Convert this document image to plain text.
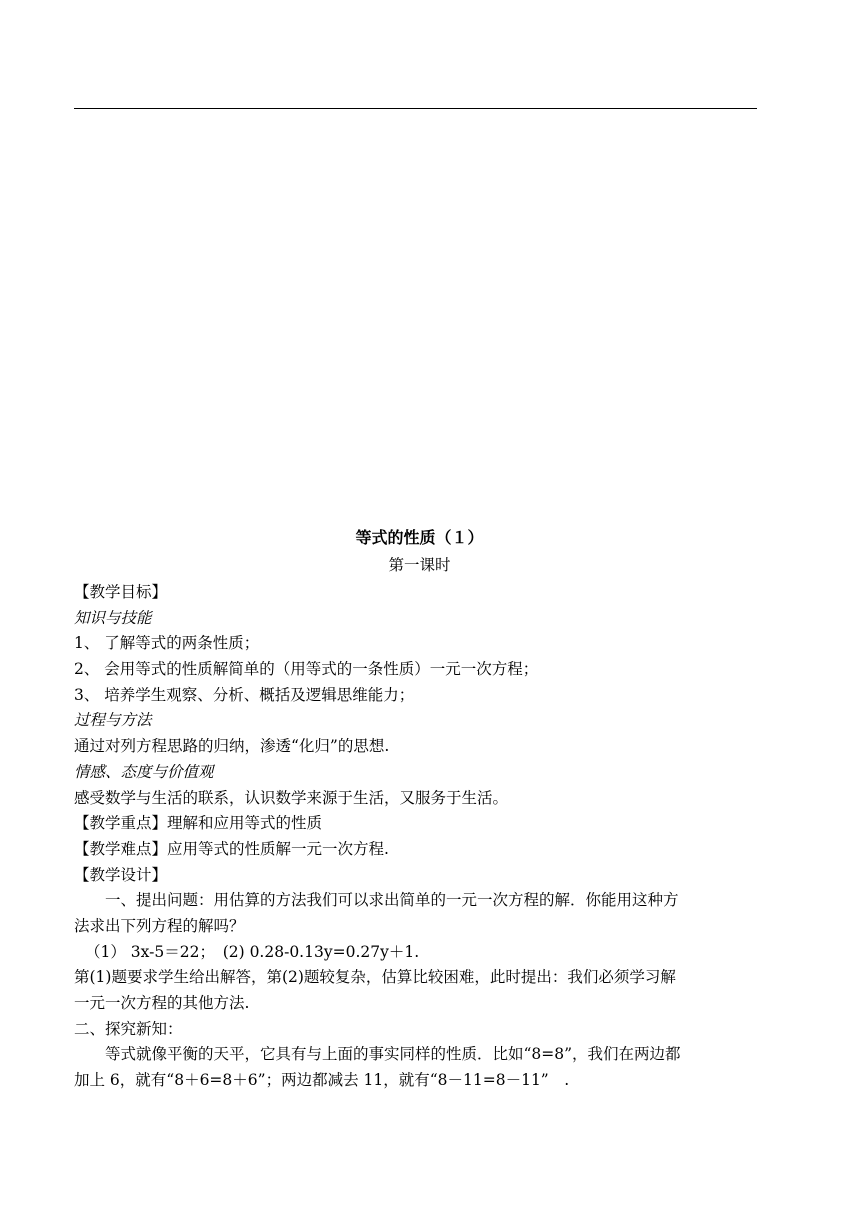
等式的性质（１）
第一课时
【教学目标】
知识与技能
1、 了解等式的两条性质；
2、 会用等式的性质解简单的（用等式的一条性质）一元一次方程；
3、 培养学生观察、分析、概括及逻辑思维能力；
过程与方法
通过对列方程思路的归纳，渗透“化归”的思想.
情感、态度与价值观
感受数学与生活的联系，认识数学来源于生活，又服务于生活。
【教学重点】理解和应用等式的性质
【教学难点】应用等式的性质解一元一次方程.
【教学设计】
一、提出问题：用估算的方法我们可以求出简单的一元一次方程的解．你能用这种方
法求出下列方程的解吗？
（1） 3x-5＝22；　(2) 0.28-0.13y=0.27y＋1.
第(1)题要求学生给出解答，第(2)题较复杂，估算比较困难，此时提出：我们必须学习解
一元一次方程的其他方法.
二、探究新知：
等式就像平衡的天平，它具有与上面的事实同样的性质．比如“8=8”，我们在两边都
加上 6，就有“8＋6=8＋6”；两边都减去 11，就有“8－11=8－11”　.
